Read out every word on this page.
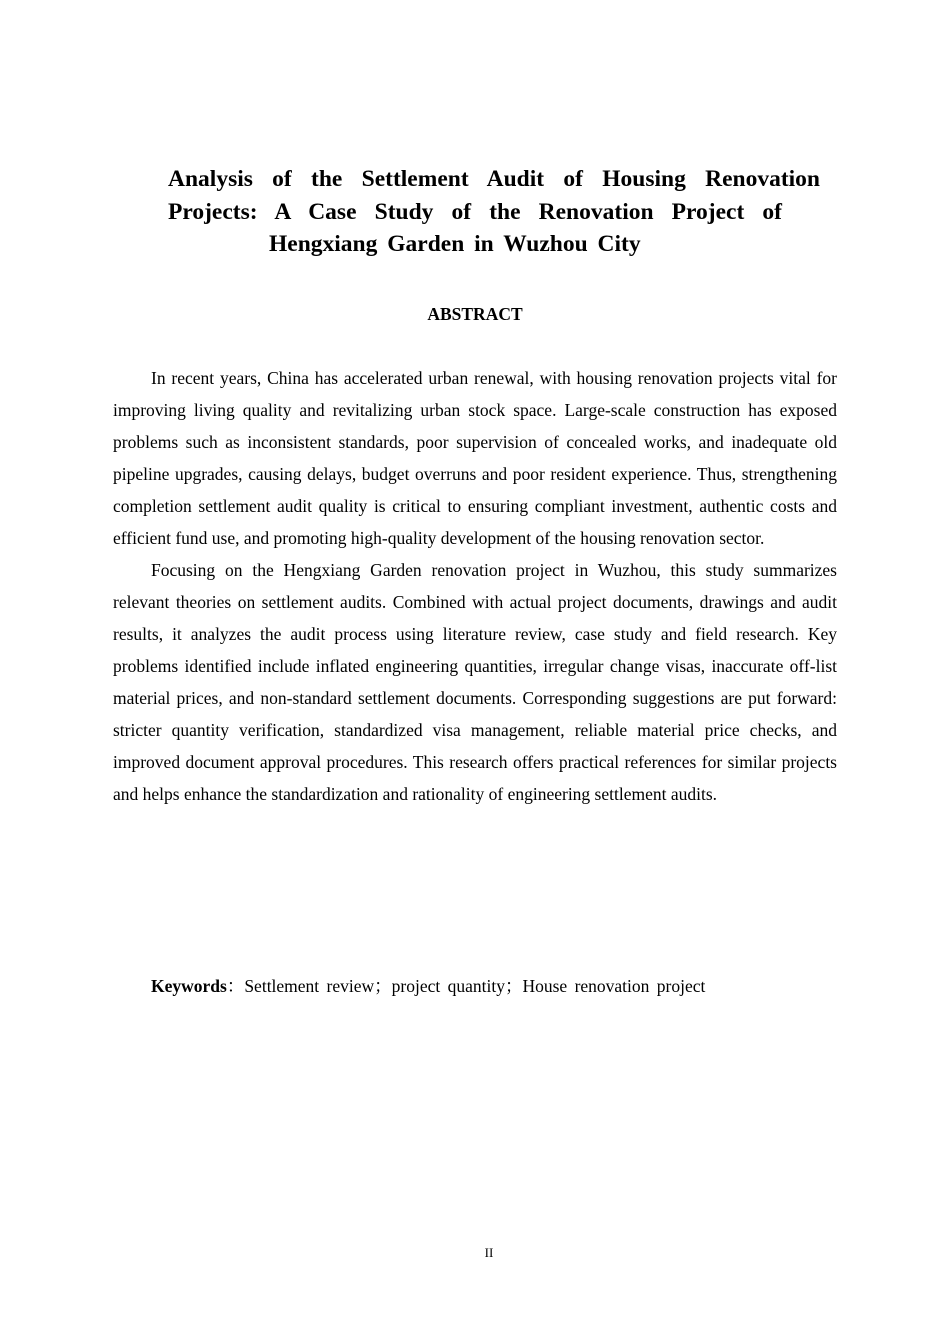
Analysis of the Settlement Audit of Housing Renovation
Projects: A Case Study of the Renovation Project of
Hengxiang Garden in Wuzhou City
ABSTRACT

In recent years, China has accelerated urban renewal, with housing renovation projects vital for improving living quality and revitalizing urban stock space. Large-scale construction has exposed problems such as inconsistent standards, poor supervision of concealed works, and inadequate old pipeline upgrades, causing delays, budget overruns and poor resident experience. Thus, strengthening completion settlement audit quality is critical to ensuring compliant investment, authentic costs and efficient fund use, and promoting high-quality development of the housing renovation sector.

Focusing on the Hengxiang Garden renovation project in Wuzhou, this study summarizes relevant theories on settlement audits. Combined with actual project documents, drawings and audit results, it analyzes the audit process using literature review, case study and field research. Key problems identified include inflated engineering quantities, irregular change visas, inaccurate off-list material prices, and non-standard settlement documents. Corresponding suggestions are put forward: stricter quantity verification, standardized visa management, reliable material price checks, and improved document approval procedures. This research offers practical references for similar projects and helps enhance the standardization and rationality of engineering settlement audits.

Keywords：Settlement review；project quantity；House renovation project
II
